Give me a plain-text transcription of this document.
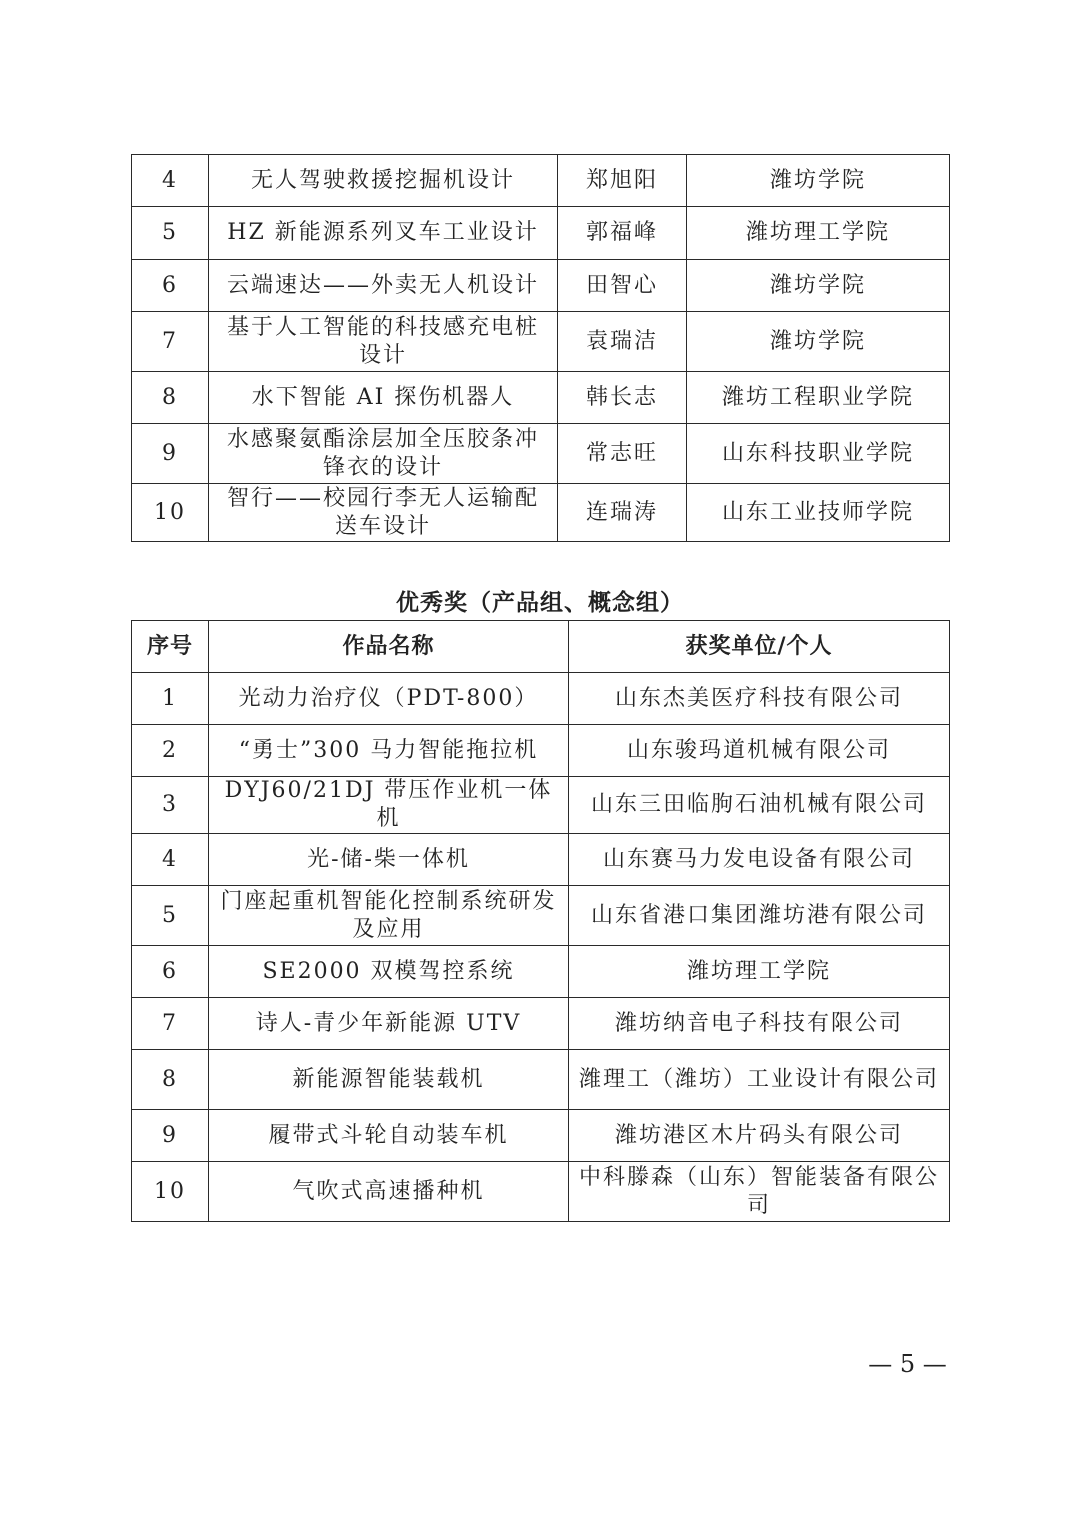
4	无人驾驶救援挖掘机设计	郑旭阳	潍坊学院
5	HZ 新能源系列叉车工业设计	郭福峰	潍坊理工学院
6	云端速达——外卖无人机设计	田智心	潍坊学院
7	基于人工智能的科技感充电桩设计	袁瑞洁	潍坊学院
8	水下智能 AI 探伤机器人	韩长志	潍坊工程职业学院
9	水感聚氨酯涂层加全压胶条冲锋衣的设计	常志旺	山东科技职业学院
10	智行——校园行李无人运输配送车设计	连瑞涛	山东工业技师学院
优秀奖（产品组、概念组）
序号	作品名称	获奖单位/个人
1	光动力治疗仪（PDT-800）	山东杰美医疗科技有限公司
2	“勇士”300 马力智能拖拉机	山东骏玛道机械有限公司
3	DYJ60/21DJ 带压作业机一体机	山东三田临朐石油机械有限公司
4	光-储-柴一体机	山东赛马力发电设备有限公司
5	门座起重机智能化控制系统研发及应用	山东省港口集团潍坊港有限公司
6	SE2000 双模驾控系统	潍坊理工学院
7	诗人-青少年新能源 UTV	潍坊纳音电子科技有限公司
8	新能源智能装载机	潍理工（潍坊）工业设计有限公司
9	履带式斗轮自动装车机	潍坊港区木片码头有限公司
10	气吹式高速播种机	中科滕森（山东）智能装备有限公司
— 5 —
